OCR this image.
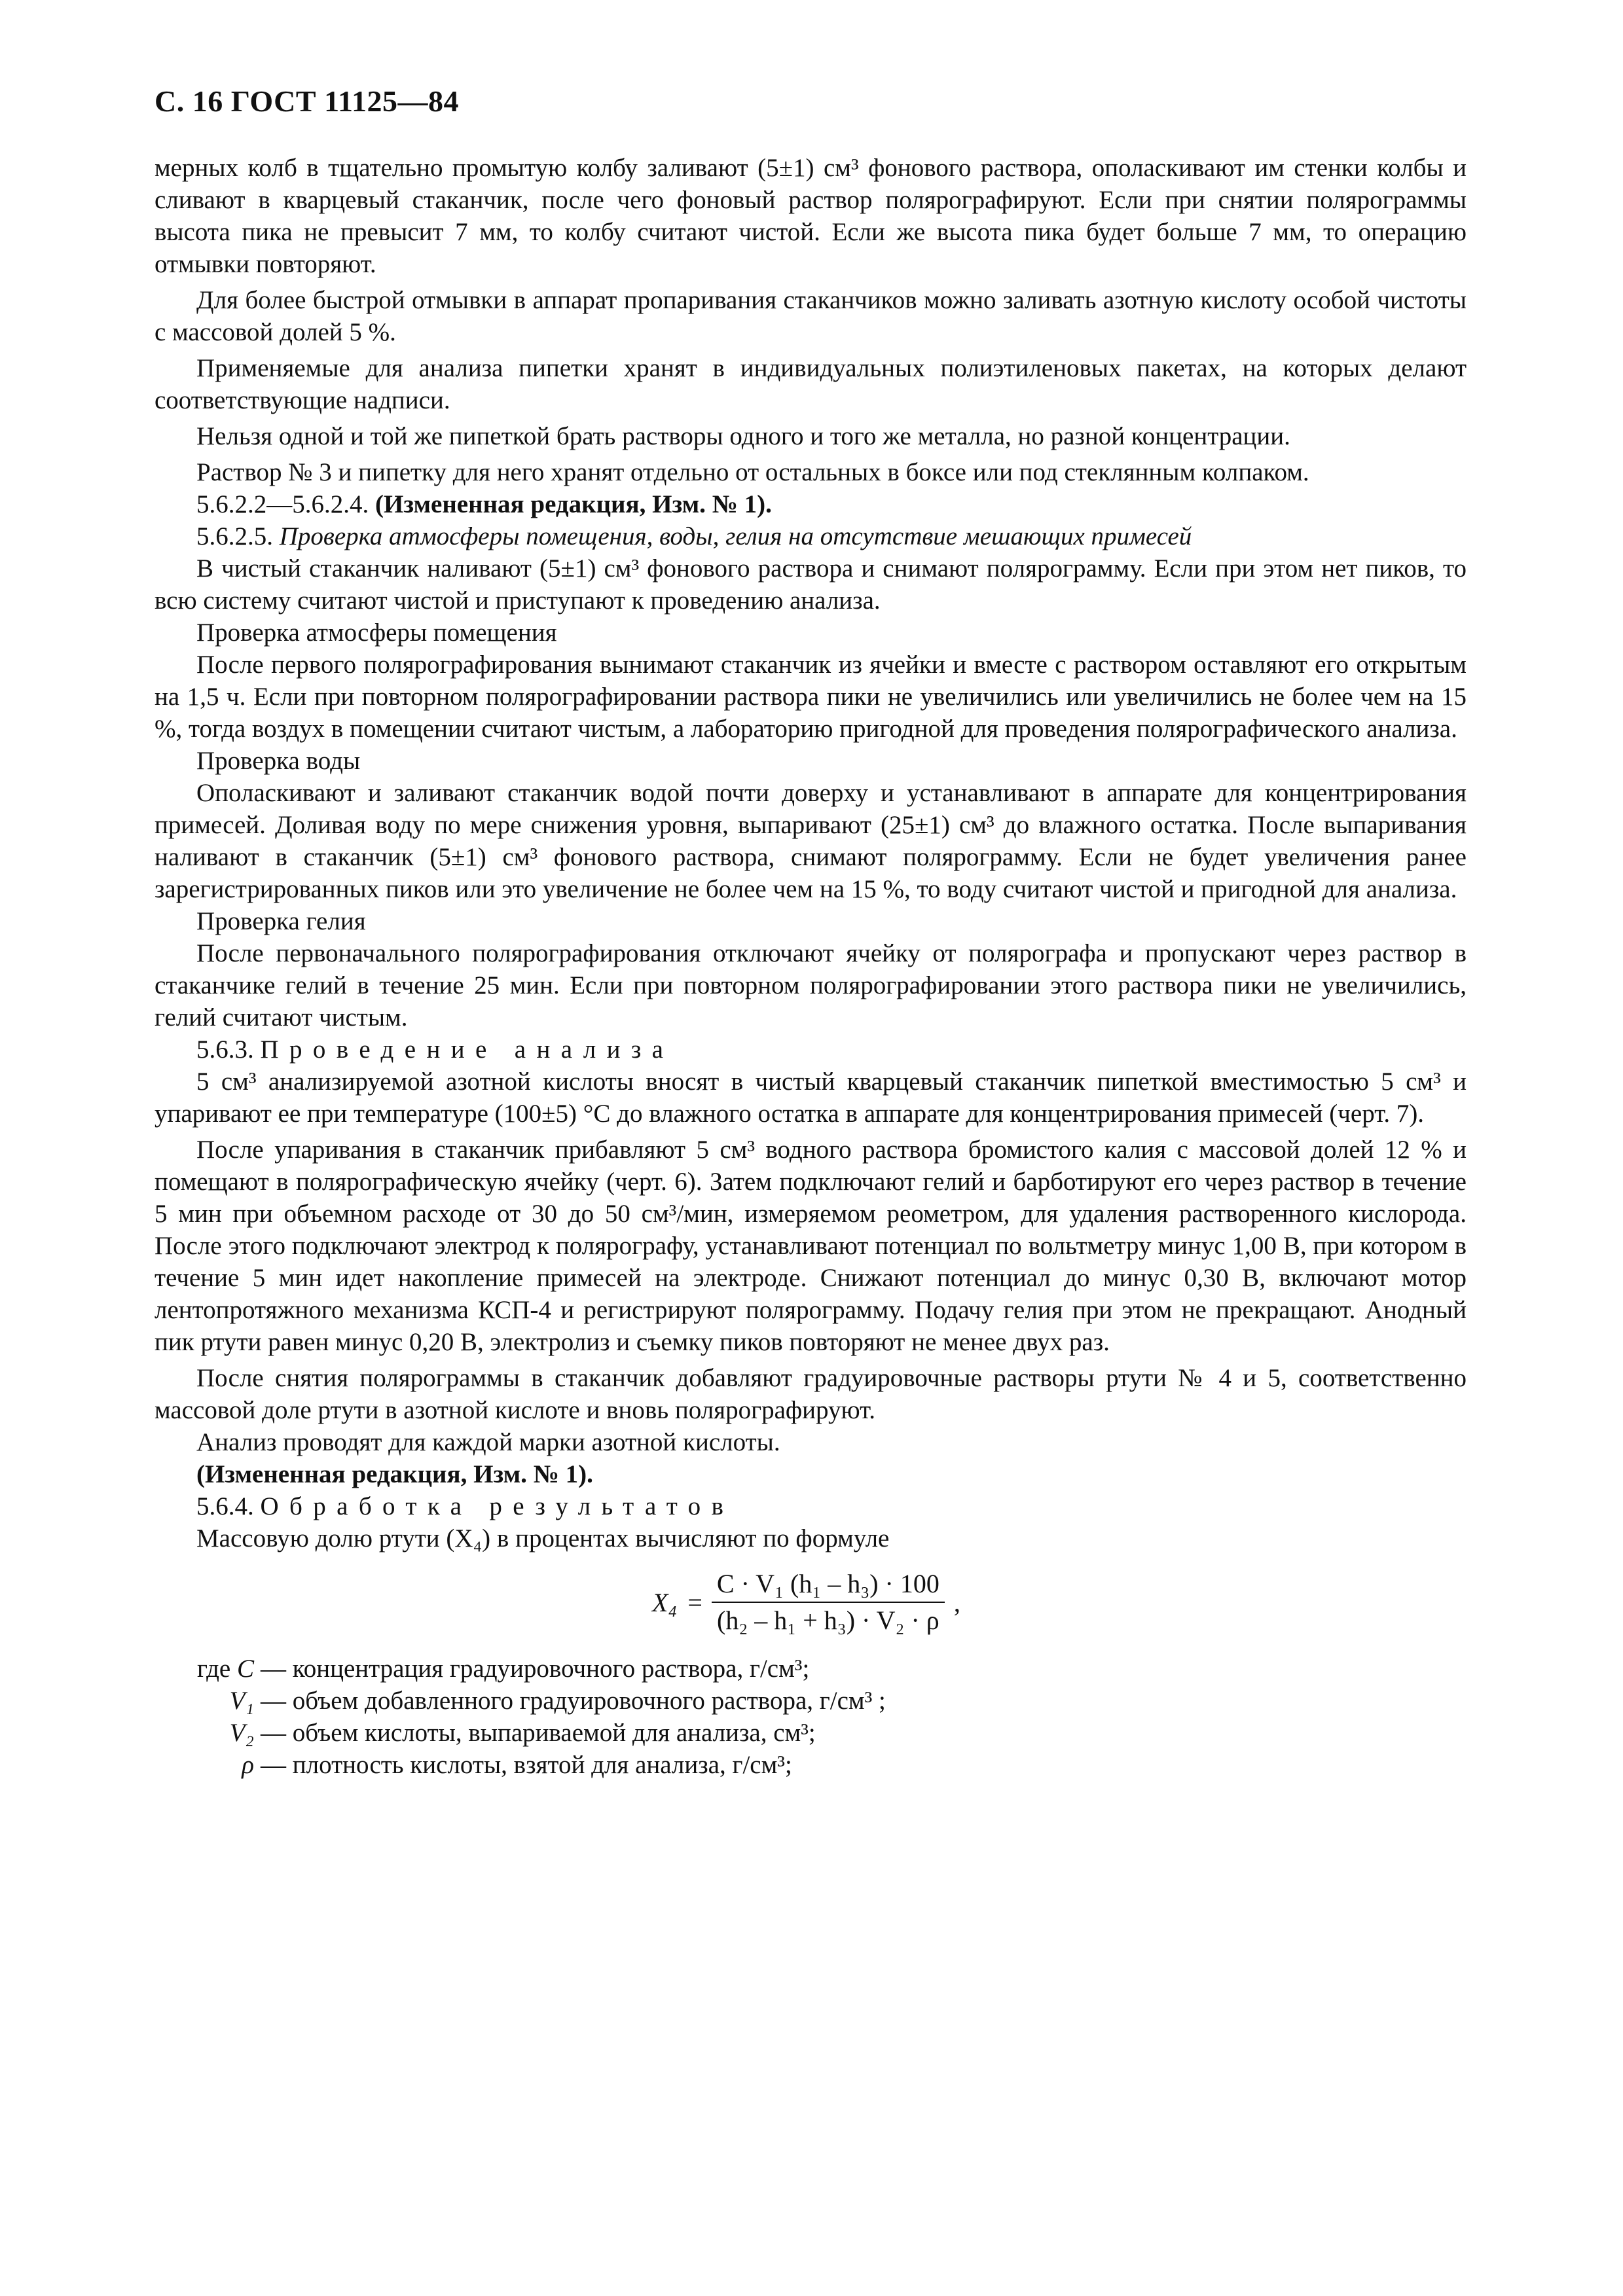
С. 16 ГОСТ 11125—84

мерных колб в тщательно промытую колбу заливают (5±1) см³ фонового раствора, ополаскивают им стенки колбы и сливают в кварцевый стаканчик, после чего фоновый раствор полярографируют. Если при снятии полярограммы высота пика не превысит 7 мм, то колбу считают чистой. Если же высота пика будет больше 7 мм, то операцию отмывки повторяют.

Для более быстрой отмывки в аппарат пропаривания стаканчиков можно заливать азотную кислоту особой чистоты с массовой долей 5 %.

Применяемые для анализа пипетки хранят в индивидуальных полиэтиленовых пакетах, на которых делают соответствующие надписи.

Нельзя одной и той же пипеткой брать растворы одного и того же металла, но разной концентрации.

Раствор № 3 и пипетку для него хранят отдельно от остальных в боксе или под стеклянным колпаком.

5.6.2.2—5.6.2.4. (Измененная редакция, Изм. № 1).

5.6.2.5. Проверка атмосферы помещения, воды, гелия на отсутствие мешающих примесей

В чистый стаканчик наливают (5±1) см³ фонового раствора и снимают полярограмму. Если при этом нет пиков, то всю систему считают чистой и приступают к проведению анализа.

Проверка атмосферы помещения

После первого полярографирования вынимают стаканчик из ячейки и вместе с раствором оставляют его открытым на 1,5 ч. Если при повторном полярографировании раствора пики не увеличились или увеличились не более чем на 15 %, тогда воздух в помещении считают чистым, а лабораторию пригодной для проведения полярографического анализа.

Проверка воды

Ополаскивают и заливают стаканчик водой почти доверху и устанавливают в аппарате для концентрирования примесей. Доливая воду по мере снижения уровня, выпаривают (25±1) см³ до влажного остатка. После выпаривания наливают в стаканчик (5±1) см³ фонового раствора, снимают полярограмму. Если не будет увеличения ранее зарегистрированных пиков или это увеличение не более чем на 15 %, то воду считают чистой и пригодной для анализа.

Проверка гелия

После первоначального полярографирования отключают ячейку от полярографа и пропускают через раствор в стаканчике гелий в течение 25 мин. Если при повторном полярографировании этого раствора пики не увеличились, гелий считают чистым.

5.6.3. Проведение анализа

5 см³ анализируемой азотной кислоты вносят в чистый кварцевый стаканчик пипеткой вместимостью 5 см³ и упаривают ее при температуре (100±5) °С до влажного остатка в аппарате для концентрирования примесей (черт. 7).

После упаривания в стаканчик прибавляют 5 см³ водного раствора бромистого калия с массовой долей 12 % и помещают в полярографическую ячейку (черт. 6). Затем подключают гелий и барботируют его через раствор в течение 5 мин при объемном расходе от 30 до 50 см³/мин, измеряемом реометром, для удаления растворенного кислорода. После этого подключают электрод к полярографу, устанавливают потенциал по вольтметру минус 1,00 В, при котором в течение 5 мин идет накопление примесей на электроде. Снижают потенциал до минус 0,30 В, включают мотор лентопротяжного механизма КСП-4 и регистрируют полярограмму. Подачу гелия при этом не прекращают. Анодный пик ртути равен минус 0,20 В, электролиз и съемку пиков повторяют не менее двух раз.

После снятия полярограммы в стаканчик добавляют градуировочные растворы ртути № 4 и 5, соответственно массовой доле ртути в азотной кислоте и вновь полярографируют.

Анализ проводят для каждой марки азотной кислоты.

(Измененная редакция, Изм. № 1).

5.6.4. Обработка результатов

Массовую долю ртути (X₄) в процентах вычисляют по формуле

$X_4 = \frac{\text{C · V₁ (h₁ – h₃) · 100}}{\text{(h₂ – h₁ + h₃) · V₂ · ρ}}$ ,

где C — концентрация градуировочного раствора, г/см³;

V₁ — объем добавленного градуировочного раствора, г/см³ ;

V₂ — объем кислоты, выпариваемой для анализа, см³;

ρ — плотность кислоты, взятой для анализа, г/см³;
